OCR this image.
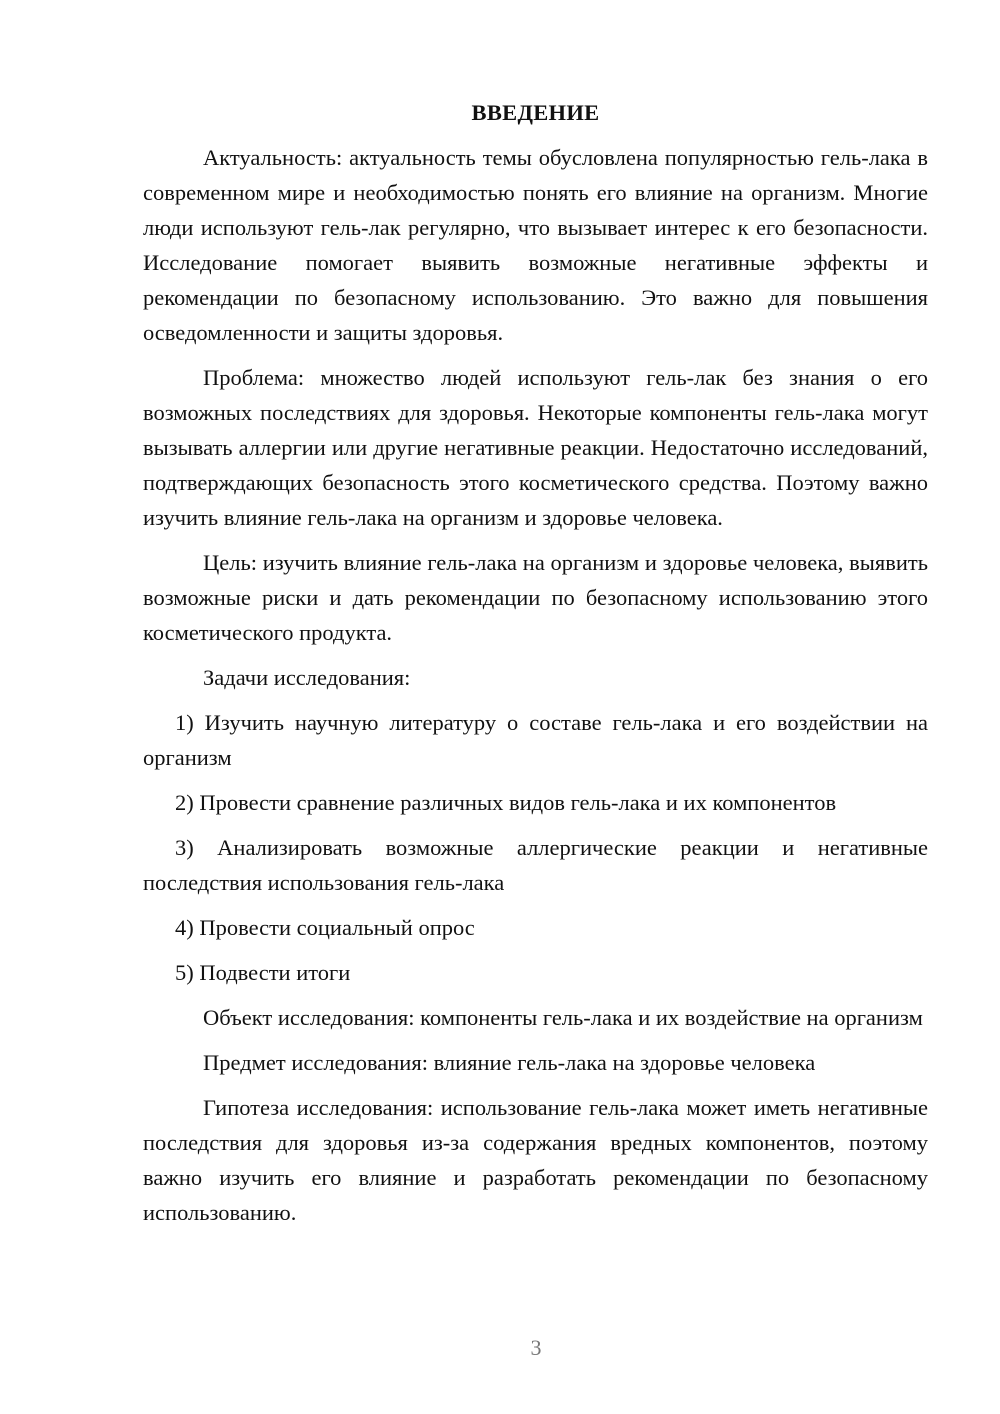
ВВЕДЕНИЕ

Актуальность: актуальность темы обусловлена популярностью гель-лака в современном мире и необходимостью понять его влияние на организм. Многие люди используют гель-лак регулярно, что вызывает интерес к его безопасности. Исследование помогает выявить возможные негативные эффекты и рекомендации по безопасному использованию. Это важно для повышения осведомленности и защиты здоровья.

Проблема: множество людей используют гель-лак без знания о его возможных последствиях для здоровья. Некоторые компоненты гель-лака могут вызывать аллергии или другие негативные реакции. Недостаточно исследований, подтверждающих безопасность этого косметического средства. Поэтому важно изучить влияние гель-лака на организм и здоровье человека.

Цель: изучить влияние гель-лака на организм и здоровье человека, выявить возможные риски и дать рекомендации по безопасному использованию этого косметического продукта.

Задачи исследования:

1) Изучить научную литературу о составе гель-лака и его воздействии на организм

2) Провести сравнение различных видов гель-лака и их компонентов

3) Анализировать возможные аллергические реакции и негативные последствия использования гель-лака

4) Провести социальный опрос

5) Подвести итоги

Объект исследования: компоненты гель-лака и их воздействие на организм

Предмет исследования: влияние гель-лака на здоровье человека

Гипотеза исследования: использование гель-лака может иметь негативные последствия для здоровья из-за содержания вредных компонентов, поэтому важно изучить его влияние и разработать рекомендации по безопасному использованию.

3
